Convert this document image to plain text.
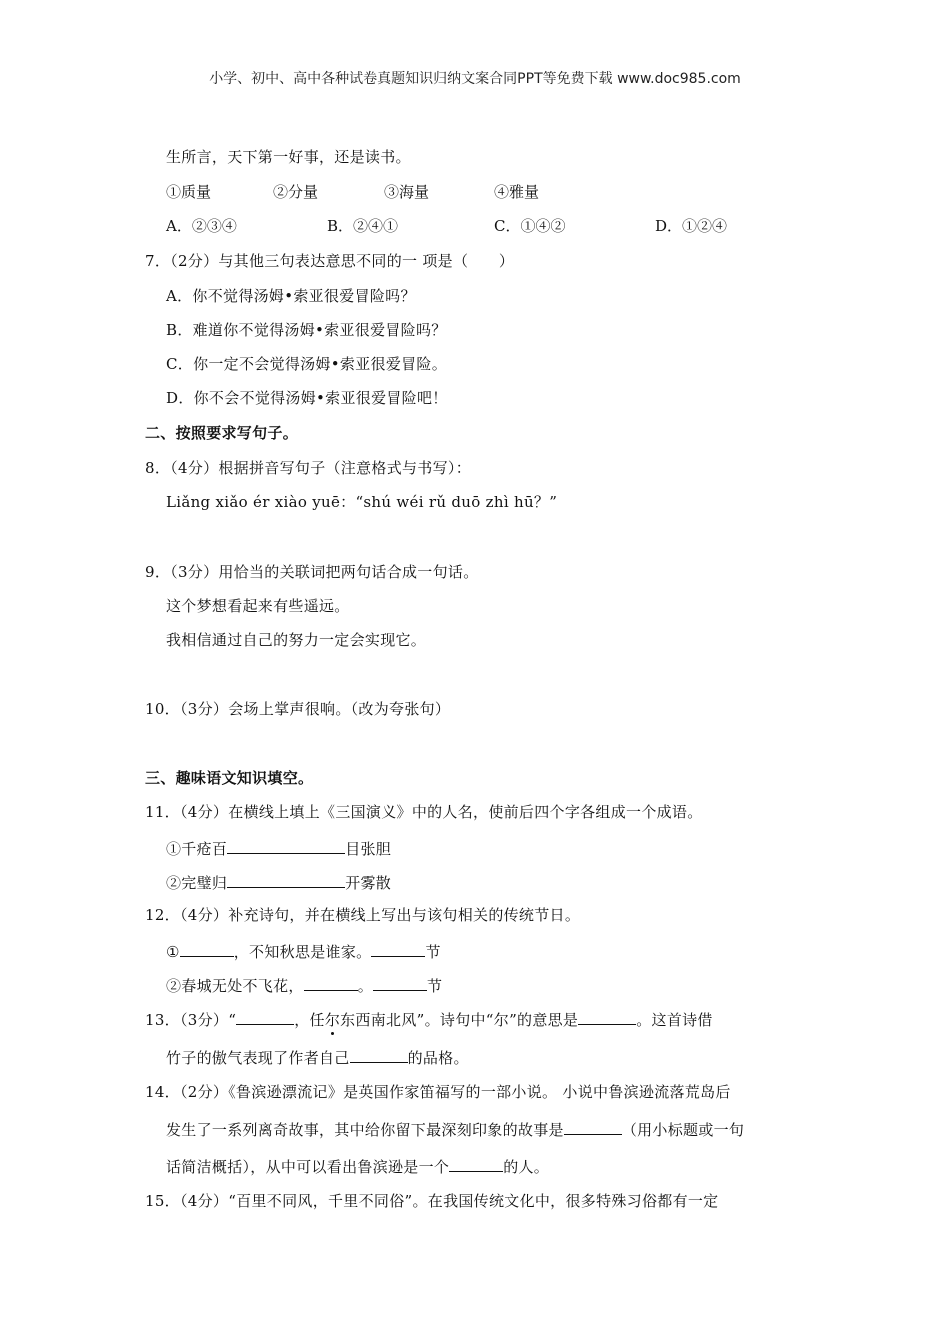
小学、初中、高中各种试卷真题知识归纳文案合同PPT等免费下载 www.doc985.com
生所言，天下第一好事，还是读书。
①质量	②分量	③海量	④雅量
A．②③④	B．②④①	C．①④②	D．①②④
7．（2分）与其他三句表达意思不同的一 项是（　　）
A．你不觉得汤姆•索亚很爱冒险吗？
B．难道你不觉得汤姆•索亚很爱冒险吗？
C．你一定不会觉得汤姆•索亚很爱冒险。
D．你不会不觉得汤姆•索亚很爱冒险吧！
二、按照要求写句子。
8．（4分）根据拼音写句子（注意格式与书写）：
Liǎng xiǎo ér xiào yuē：“shú wéi rǔ duō zhì hū？”
9．（3分）用恰当的关联词把两句话合成一句话。
这个梦想看起来有些遥远。
我相信通过自己的努力一定会实现它。
10．（3分）会场上掌声很响。（改为夸张句）
三、趣味语文知识填空。
11．（4分）在横线上填上《三国演义》中的人名，使前后四个字各组成一个成语。
①千疮百	目张胆
②完璧归	开雾散
12．（4分）补充诗句，并在横线上写出与该句相关的传统节日。
①	，不知秋思是谁家。	节
②春城无处不飞花，	。	节
13．（3分）“	，任尔东西南北风”。诗句中“尔”的意思是	。这首诗借
竹子的傲气表现了作者自己	的品格。
14．（2分）《鲁滨逊漂流记》是英国作家笛福写的一部小说。 小说中鲁滨逊流落荒岛后
发生了一系列离奇故事，其中给你留下最深刻印象的故事是	（用小标题或一句
话简洁概括），从中可以看出鲁滨逊是一个	的人。
15．（4分）“百里不同风，千里不同俗”。在我国传统文化中，很多特殊习俗都有一定
